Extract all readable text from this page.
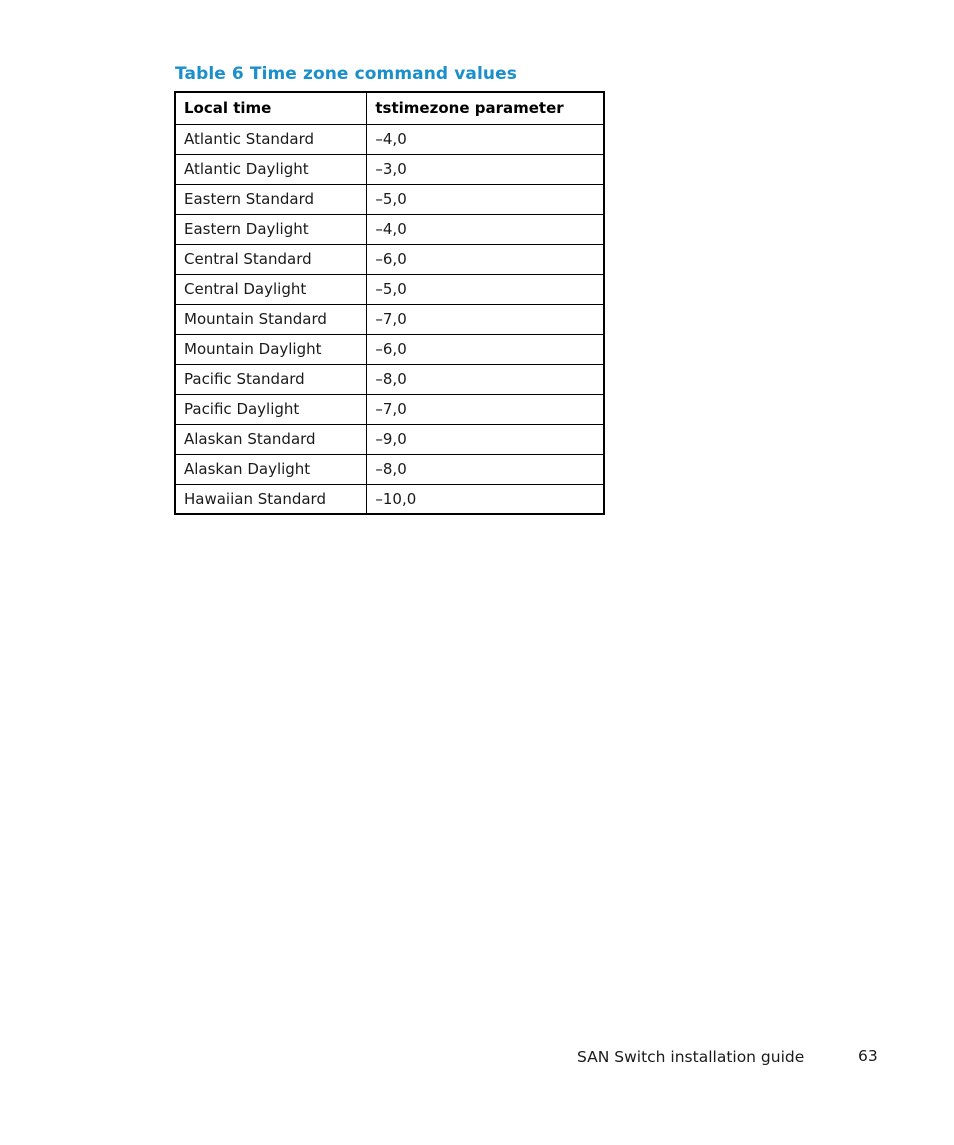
Table 6 Time zone command values
Local time	tstimezone parameter
Atlantic Standard	–4,0
Atlantic Daylight	–3,0
Eastern Standard	–5,0
Eastern Daylight	–4,0
Central Standard	–6,0
Central Daylight	–5,0
Mountain Standard	–7,0
Mountain Daylight	–6,0
Pacific Standard	–8,0
Pacific Daylight	–7,0
Alaskan Standard	–9,0
Alaskan Daylight	–8,0
Hawaiian Standard	–10,0
SAN Switch installation guide	63
